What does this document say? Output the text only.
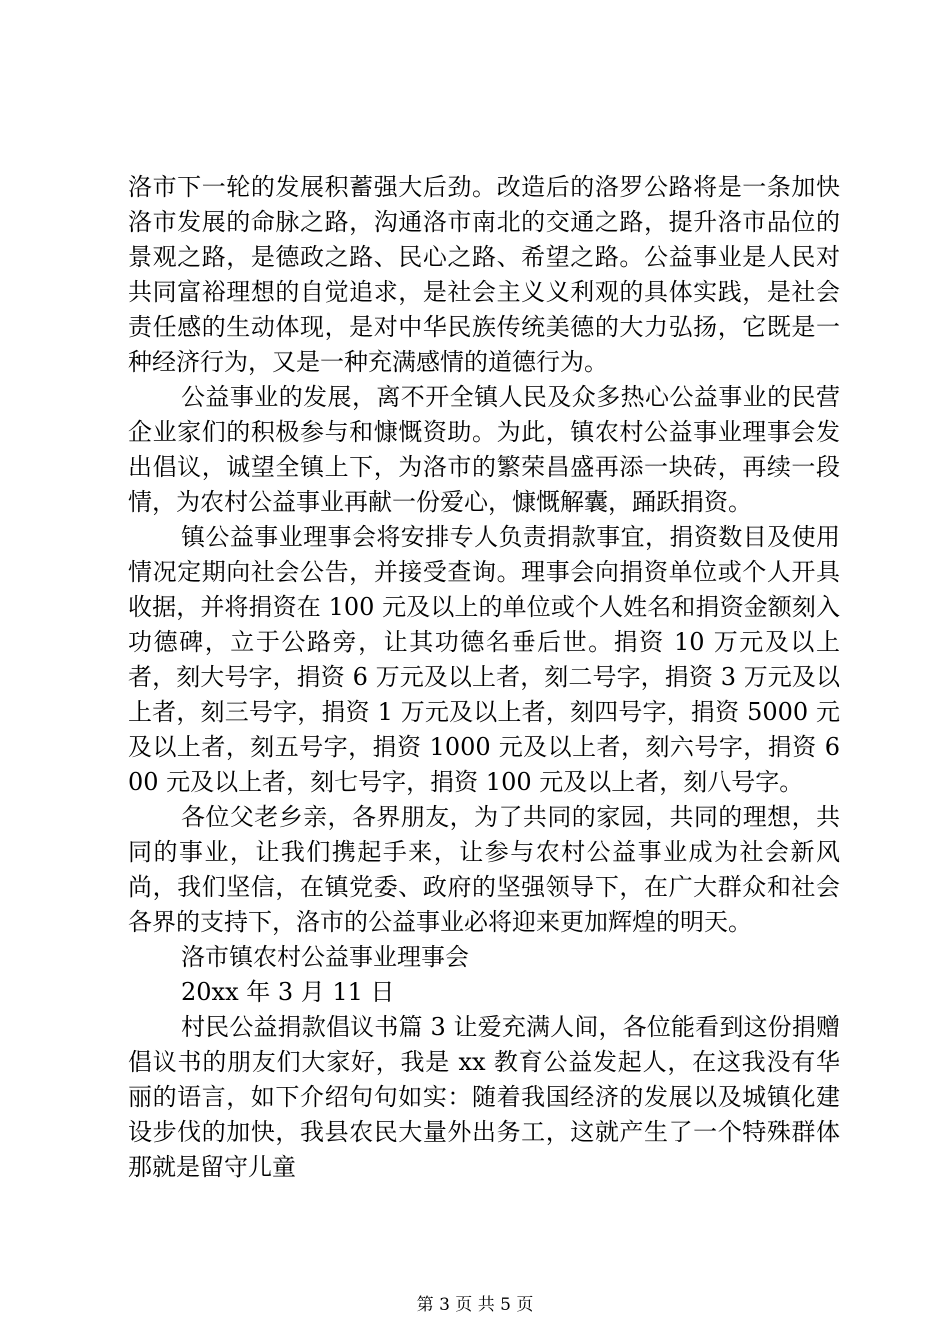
洛市下一轮的发展积蓄强大后劲。改造后的洛罗公路将是一条加快洛市发展的命脉之路，沟通洛市南北的交通之路，提升洛市品位的景观之路，是德政之路、民心之路、希望之路。公益事业是人民对共同富裕理想的自觉追求，是社会主义义利观的具体实践，是社会责任感的生动体现，是对中华民族传统美德的大力弘扬，它既是一种经济行为，又是一种充满感情的道德行为。

公益事业的发展，离不开全镇人民及众多热心公益事业的民营企业家们的积极参与和慷慨资助。为此，镇农村公益事业理事会发出倡议，诚望全镇上下，为洛市的繁荣昌盛再添一块砖，再续一段情，为农村公益事业再献一份爱心，慷慨解囊，踊跃捐资。

镇公益事业理事会将安排专人负责捐款事宜，捐资数目及使用情况定期向社会公告，并接受查询。理事会向捐资单位或个人开具收据，并将捐资在 100 元及以上的单位或个人姓名和捐资金额刻入功德碑，立于公路旁，让其功德名垂后世。捐资 10 万元及以上者，刻大号字，捐资 6 万元及以上者，刻二号字，捐资 3 万元及以上者，刻三号字，捐资 1 万元及以上者，刻四号字，捐资 5000 元及以上者，刻五号字，捐资 1000 元及以上者，刻六号字，捐资 600 元及以上者，刻七号字，捐资 100 元及以上者，刻八号字。

各位父老乡亲，各界朋友，为了共同的家园，共同的理想，共同的事业，让我们携起手来，让参与农村公益事业成为社会新风尚，我们坚信，在镇党委、政府的坚强领导下，在广大群众和社会各界的支持下，洛市的公益事业必将迎来更加辉煌的明天。

洛市镇农村公益事业理事会

20xx 年 3 月 11 日

村民公益捐款倡议书篇 3 让爱充满人间，各位能看到这份捐赠倡议书的朋友们大家好，我是 xx 教育公益发起人，在这我没有华丽的语言，如下介绍句句如实：随着我国经济的发展以及城镇化建设步伐的加快，我县农民大量外出务工，这就产生了一个特殊群体那就是留守儿童

第 3 页 共 5 页
